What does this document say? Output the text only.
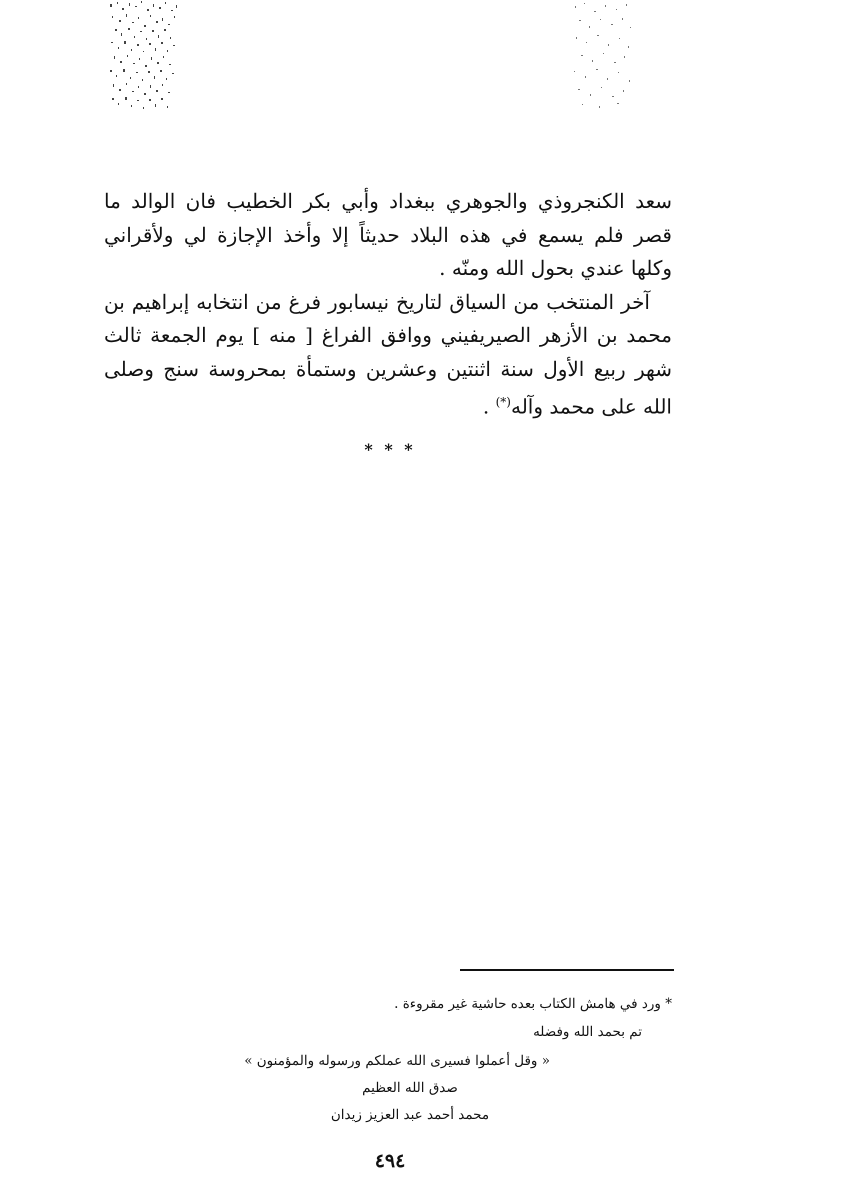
سعد الكنجروذي والجوهري ببغداد وأبي بكر الخطيب فان الوالد ما قصر فلم يسمع في هذه البلاد حديثاً إلا وأخذ الإجازة لي ولأقراني وكلها عندي بحول الله ومنّه .

آخر المنتخب من السياق لتاريخ نيسابور فرغ من انتخابه إبراهيم بن محمد بن الأزهر الصيريفيني ووافق الفراغ [ منه ] يوم الجمعة ثالث شهر ربيع الأول سنة اثنتين وعشرين وستمأة بمحروسة سنج وصلى الله على محمد وآله(*) .

* * *
* ورد في هامش الكتاب بعده حاشية غير مقروءة .
تم بحمد الله وفضله
« وقل أعملوا فسيرى الله عملكم ورسوله والمؤمنون »
صدق الله العظيم
محمد أحمد عبد العزيز زيدان
٤٩٤
